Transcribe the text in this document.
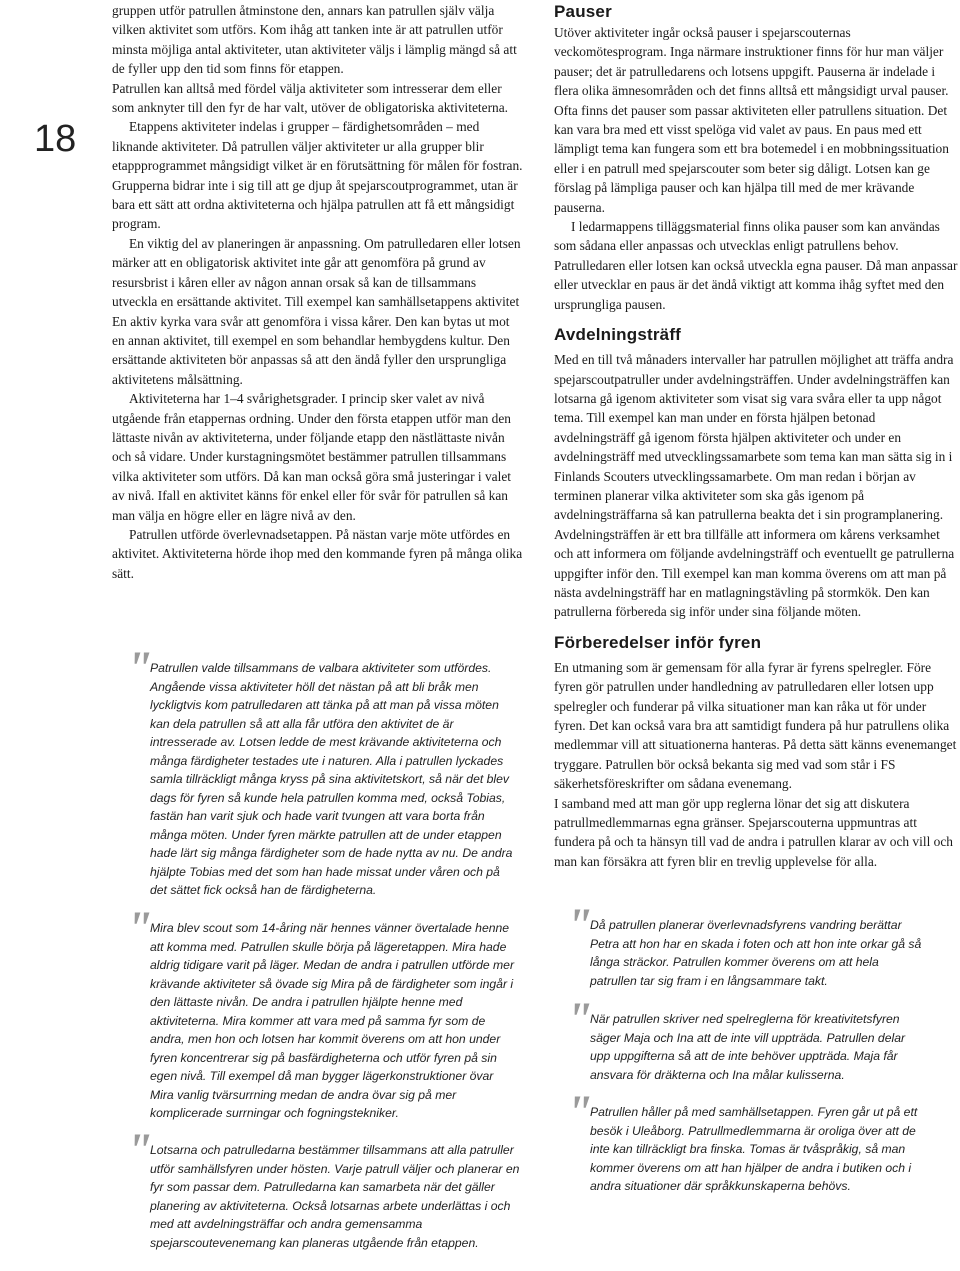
18

gruppen utför patrullen åtminstone den, annars kan patrullen själv välja vilken aktivitet som utförs. Kom ihåg att tanken inte är att patrullen utför minsta möjliga antal aktiviteter, utan aktiviteter väljs i lämplig mängd så att de fyller upp den tid som finns för etappen.

Patrullen kan alltså med fördel välja aktiviteter som intresserar dem eller som anknyter till den fyr de har valt, utöver de obligatoriska aktiviteterna.

Etappens aktiviteter indelas i grupper – färdighetsområden – med liknande aktiviteter. Då patrullen väljer aktiviteter ur alla grupper blir etappprogrammet mångsidigt vilket är en förutsättning för målen för fostran. Grupperna bidrar inte i sig till att ge djup åt spejarscoutprogrammet, utan är bara ett sätt att ordna aktiviteterna och hjälpa patrullen att få ett mångsidigt program.

En viktig del av planeringen är anpassning. Om patrulledaren eller lotsen märker att en obligatorisk aktivitet inte går att genomföra på grund av resursbrist i kåren eller av någon annan orsak så kan de tillsammans utveckla en ersättande aktivitet. Till exempel kan samhällsetappens aktivitet En aktiv kyrka vara svår att genomföra i vissa kårer. Den kan bytas ut mot en annan aktivitet, till exempel en som behandlar hembygdens kultur. Den ersättande aktiviteten bör anpassas så att den ändå fyller den ursprungliga aktivitetens målsättning.

Aktiviteterna har 1–4 svårighetsgrader. I princip sker valet av nivå utgående från etappernas ordning. Under den första etappen utför man den lättaste nivån av aktiviteterna, under följande etapp den nästlättaste nivån och så vidare. Under kurstagningsmötet bestämmer patrullen tillsammans vilka aktiviteter som utförs. Då kan man också göra små justeringar i valet av nivå. Ifall en aktivitet känns för enkel eller för svår för patrullen så kan man välja en högre eller en lägre nivå av den.

Patrullen utförde överlevnadsetappen. På nästan varje möte utfördes en aktivitet. Aktiviteterna hörde ihop med den kommande fyren på många olika sätt.

"
Patrullen valde tillsammans de valbara aktiviteter som utfördes. Angående vissa aktiviteter höll det nästan på att bli bråk men lyckligtvis kom patrulledaren att tänka på att man på vissa möten kan dela patrullen så att alla får utföra den aktivitet de är intresserade av. Lotsen ledde de mest krävande aktiviteterna och många färdigheter testades ute i naturen. Alla i patrullen lyckades samla tillräckligt många kryss på sina aktivitetskort, så när det blev dags för fyren så kunde hela patrullen komma med, också Tobias, fastän han varit sjuk och hade varit tvungen att vara borta från många möten. Under fyren märkte patrullen att de under etappen hade lärt sig många färdigheter som de hade nytta av nu. De andra hjälpte Tobias med det som han hade missat under våren och på det sättet fick också han de färdigheterna.
"
Mira blev scout som 14-åring när hennes vänner övertalade henne att komma med. Patrullen skulle börja på lägeretappen. Mira hade aldrig tidigare varit på läger. Medan de andra i patrullen utförde mer krävande aktiviteter så övade sig Mira på de färdigheter som ingår i den lättaste nivån. De andra i patrullen hjälpte henne med aktiviteterna. Mira kommer att vara med på samma fyr som de andra, men hon och lotsen har kommit överens om att hon under fyren koncentrerar sig på basfärdigheterna och utför fyren på sin egen nivå. Till exempel då man bygger lägerkonstruktioner övar Mira vanlig tvärsurrning medan de andra övar sig på mer komplicerade surrningar och fogningstekniker.
"
Lotsarna och patrulledarna bestämmer tillsammans att alla patruller utför samhällsfyren under hösten. Varje patrull väljer och planerar en fyr som passar dem. Patrulledarna kan samarbeta när det gäller planering av aktiviteterna. Också lotsarnas arbete underlättas i och med att avdelningsträffar och andra gemensamma spejarscoutevenemang kan planeras utgående från etappen.
Pauser

Utöver aktiviteter ingår också pauser i spejarscouternas veckomötesprogram. Inga närmare instruktioner finns för hur man väljer pauser; det är patrulledarens och lotsens uppgift. Pauserna är indelade i flera olika ämnesområden och det finns alltså ett mångsidigt urval pauser. Ofta finns det pauser som passar aktiviteten eller patrullens situation. Det kan vara bra med ett visst spelöga vid valet av paus. En paus med ett lämpligt tema kan fungera som ett bra botemedel i en mobbningssituation eller i en patrull med spejarscouter som beter sig dåligt. Lotsen kan ge förslag på lämpliga pauser och kan hjälpa till med de mer krävande pauserna.

I ledarmappens tilläggsmaterial finns olika pauser som kan användas som sådana eller anpassas och utvecklas enligt patrullens behov. Patrulledaren eller lotsen kan också utveckla egna pauser. Då man anpassar eller utvecklar en paus är det ändå viktigt att komma ihåg syftet med den ursprungliga pausen.

Avdelningsträff

Med en till två månaders intervaller har patrullen möjlighet att träffa andra spejarscoutpatruller under avdelningsträffen. Under avdelningsträffen kan lotsarna gå igenom aktiviteter som visat sig vara svåra eller ta upp något tema. Till exempel kan man under en första hjälpen betonad avdelningsträff gå igenom första hjälpen aktiviteter och under en avdelningsträff med utvecklingssamarbete som tema kan man sätta sig in i Finlands Scouters utvecklingssamarbete. Om man redan i början av terminen planerar vilka aktiviteter som ska gås igenom på avdelningsträffarna så kan patrullerna beakta det i sin programplanering. Avdelningsträffen är ett bra tillfälle att informera om kårens verksamhet och att informera om följande avdelningsträff och eventuellt ge patrullerna uppgifter inför den. Till exempel kan man komma överens om att man på nästa avdelningsträff har en matlagningstävling på stormkök. Den kan patrullerna förbereda sig inför under sina följande möten.

Förberedelser inför fyren

En utmaning som är gemensam för alla fyrar är fyrens spelregler. Före fyren gör patrullen under handledning av patrulledaren eller lotsen upp spelregler och funderar på vilka situationer man kan råka ut för under fyren. Det kan också vara bra att samtidigt fundera på hur patrullens olika medlemmar vill att situationerna hanteras. På detta sätt känns evenemanget tryggare. Patrullen bör också bekanta sig med vad som står i FS säkerhetsföreskrifter om sådana evenemang.

I samband med att man gör upp reglerna lönar det sig att diskutera patrullmedlemmarnas egna gränser. Spejarscouterna uppmuntras att fundera på och ta hänsyn till vad de andra i patrullen klarar av och vill och man kan försäkra att fyren blir en trevlig upplevelse för alla.

"
Då patrullen planerar överlevnadsfyrens vandring berättar Petra att hon har en skada i foten och att hon inte orkar gå så långa sträckor. Patrullen kommer överens om att hela patrullen tar sig fram i en långsammare takt.
"
När patrullen skriver ned spelreglerna för kreativitetsfyren säger Maja och Ina att de inte vill uppträda. Patrullen delar upp uppgifterna så att de inte behöver uppträda. Maja får ansvara för dräkterna och Ina målar kulisserna.
"
Patrullen håller på med samhällsetappen. Fyren går ut på ett besök i Uleåborg. Patrullmedlemmarna är oroliga över att de inte kan tillräckligt bra finska. Tomas är tvåspråkig, så man kommer överens om att han hjälper de andra i butiken och i andra situationer där språkkunskaperna behövs.
